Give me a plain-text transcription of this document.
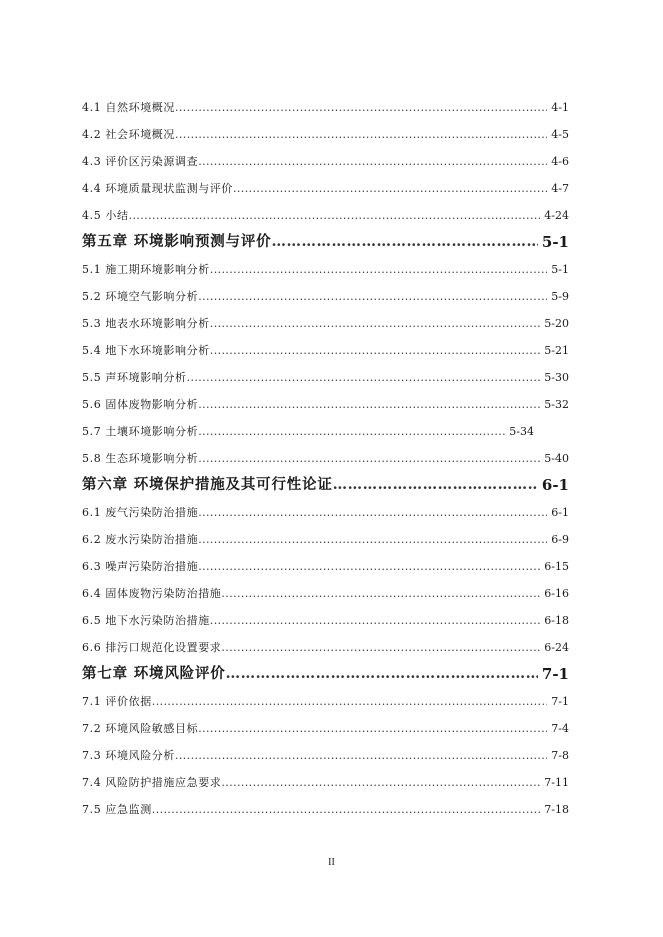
4.1 自然环境概况 .....	4-1
4.2 社会环境概况 .....	4-5
4.3 评价区污染源调查 .....	4-6
4.4 环境质量现状监测与评价 .....	4-7
4.5 小结 .....	4-24
第五章 环境影响预测与评价 ………………………………………………………………………………………………………………………………………………………………………………………………………	5-1
5.1 施工期环境影响分析 .....	5-1
5.2 环境空气影响分析 .....	5-9
5.3 地表水环境影响分析 .....	5-20
5.4 地下水环境影响分析 .....	5-21
5.5 声环境影响分析 .....	5-30
5.6 固体废物影响分析 .....	5-32
5.7 土壤环境影响分析 .....	5-34
5.8 生态环境影响分析 .....	5-40
第六章 环境保护措施及其可行性论证 ………………………………………………………………………………………………………………………………………………………………………………………………………	6-1
6.1 废气污染防治措施 .....	6-1
6.2 废水污染防治措施 .....	6-9
6.3 噪声污染防治措施 .....	6-15
6.4 固体废物污染防治措施 .....	6-16
6.5 地下水污染防治措施 .....	6-18
6.6 排污口规范化设置要求 .....	6-24
第七章 环境风险评价 ………………………………………………………………………………………………………………………………………………………………………………………………………	7-1
7.1 评价依据 .....	7-1
7.2 环境风险敏感目标 .....	7-4
7.3 环境风险分析 .....	7-8
7.4 风险防护措施应急要求 .....	7-11
7.5 应急监测 .....	7-18
II
